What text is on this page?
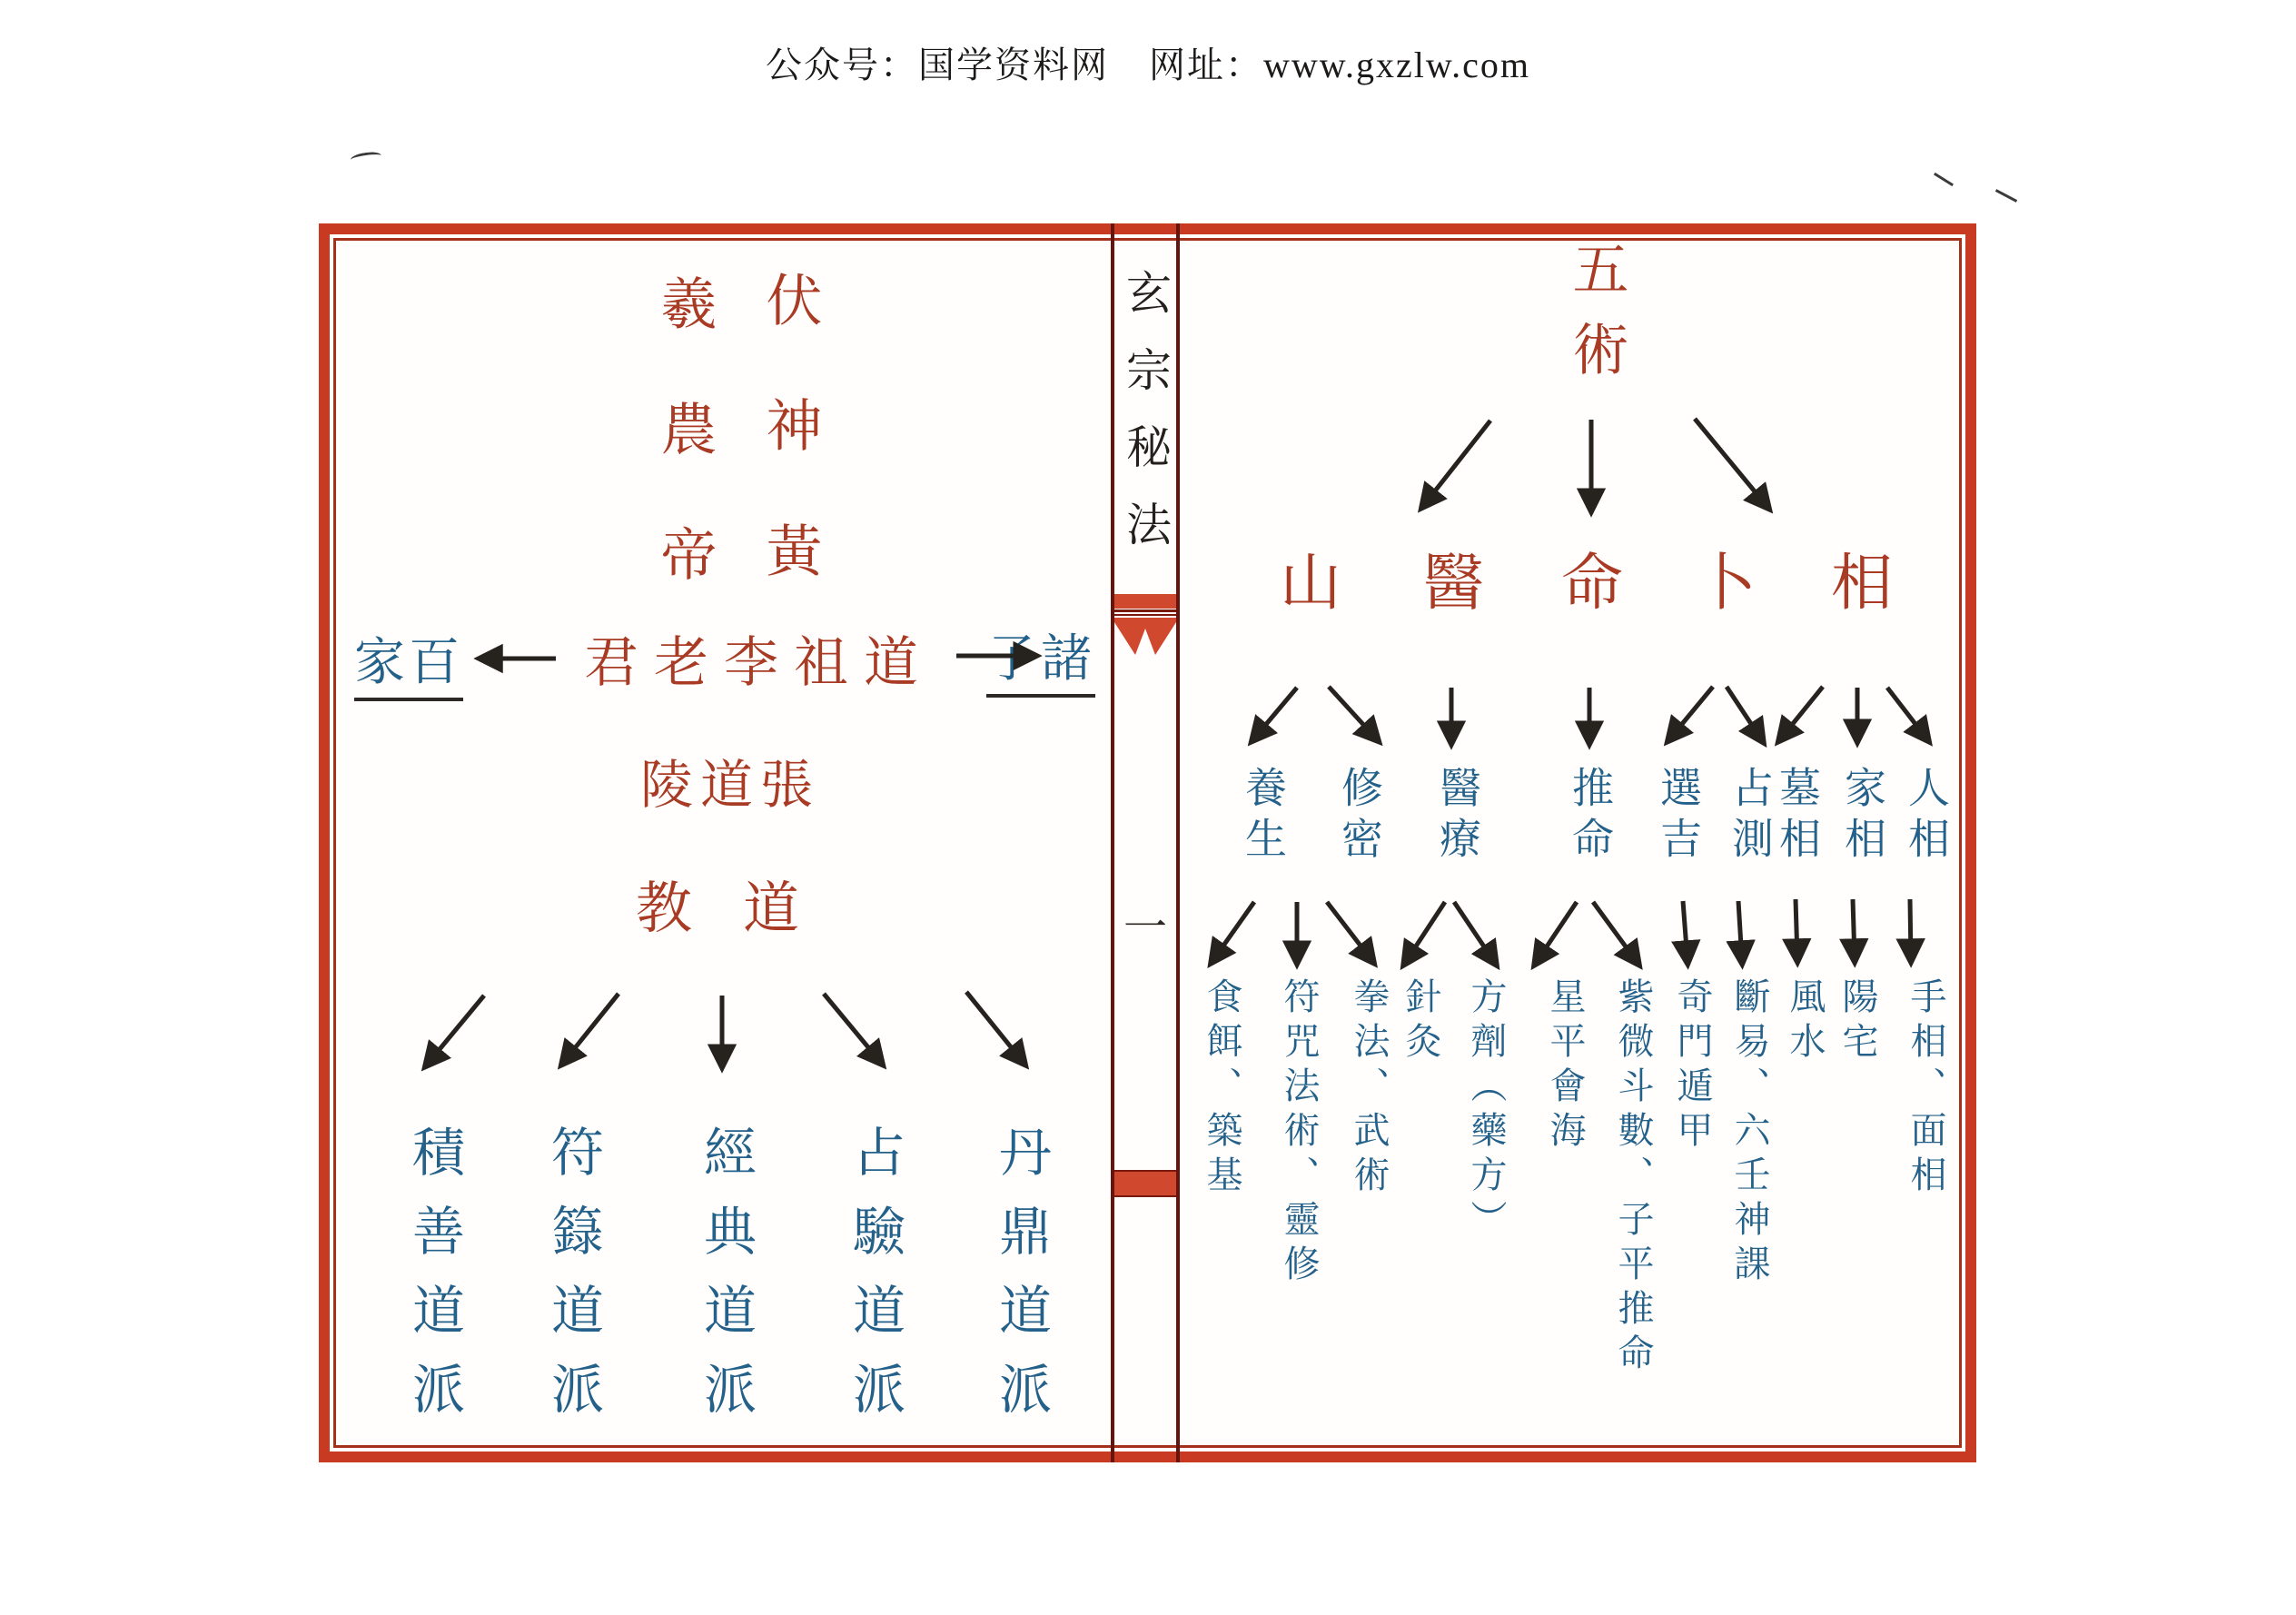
公众号：国学资料网 网址：www.gxzlw.com
玄宗秘法
一
羲農帝 伏神黃
君老李祖道
家百	子諸
陵道張
教道
積善道派 符籙道派 經典道派 占驗道派 丹鼎道派
五術
山 醫 命 卜 相
養生 修密 醫療 推命 選吉 占測 墓相 家相 人相
食餌、築基 符咒法術、靈修 拳法、武術 針灸 方劑（藥方） 星平會海 紫微斗數、子平推命 奇門遁甲 斷易、六壬神課 風水 陽宅 手相、面相
